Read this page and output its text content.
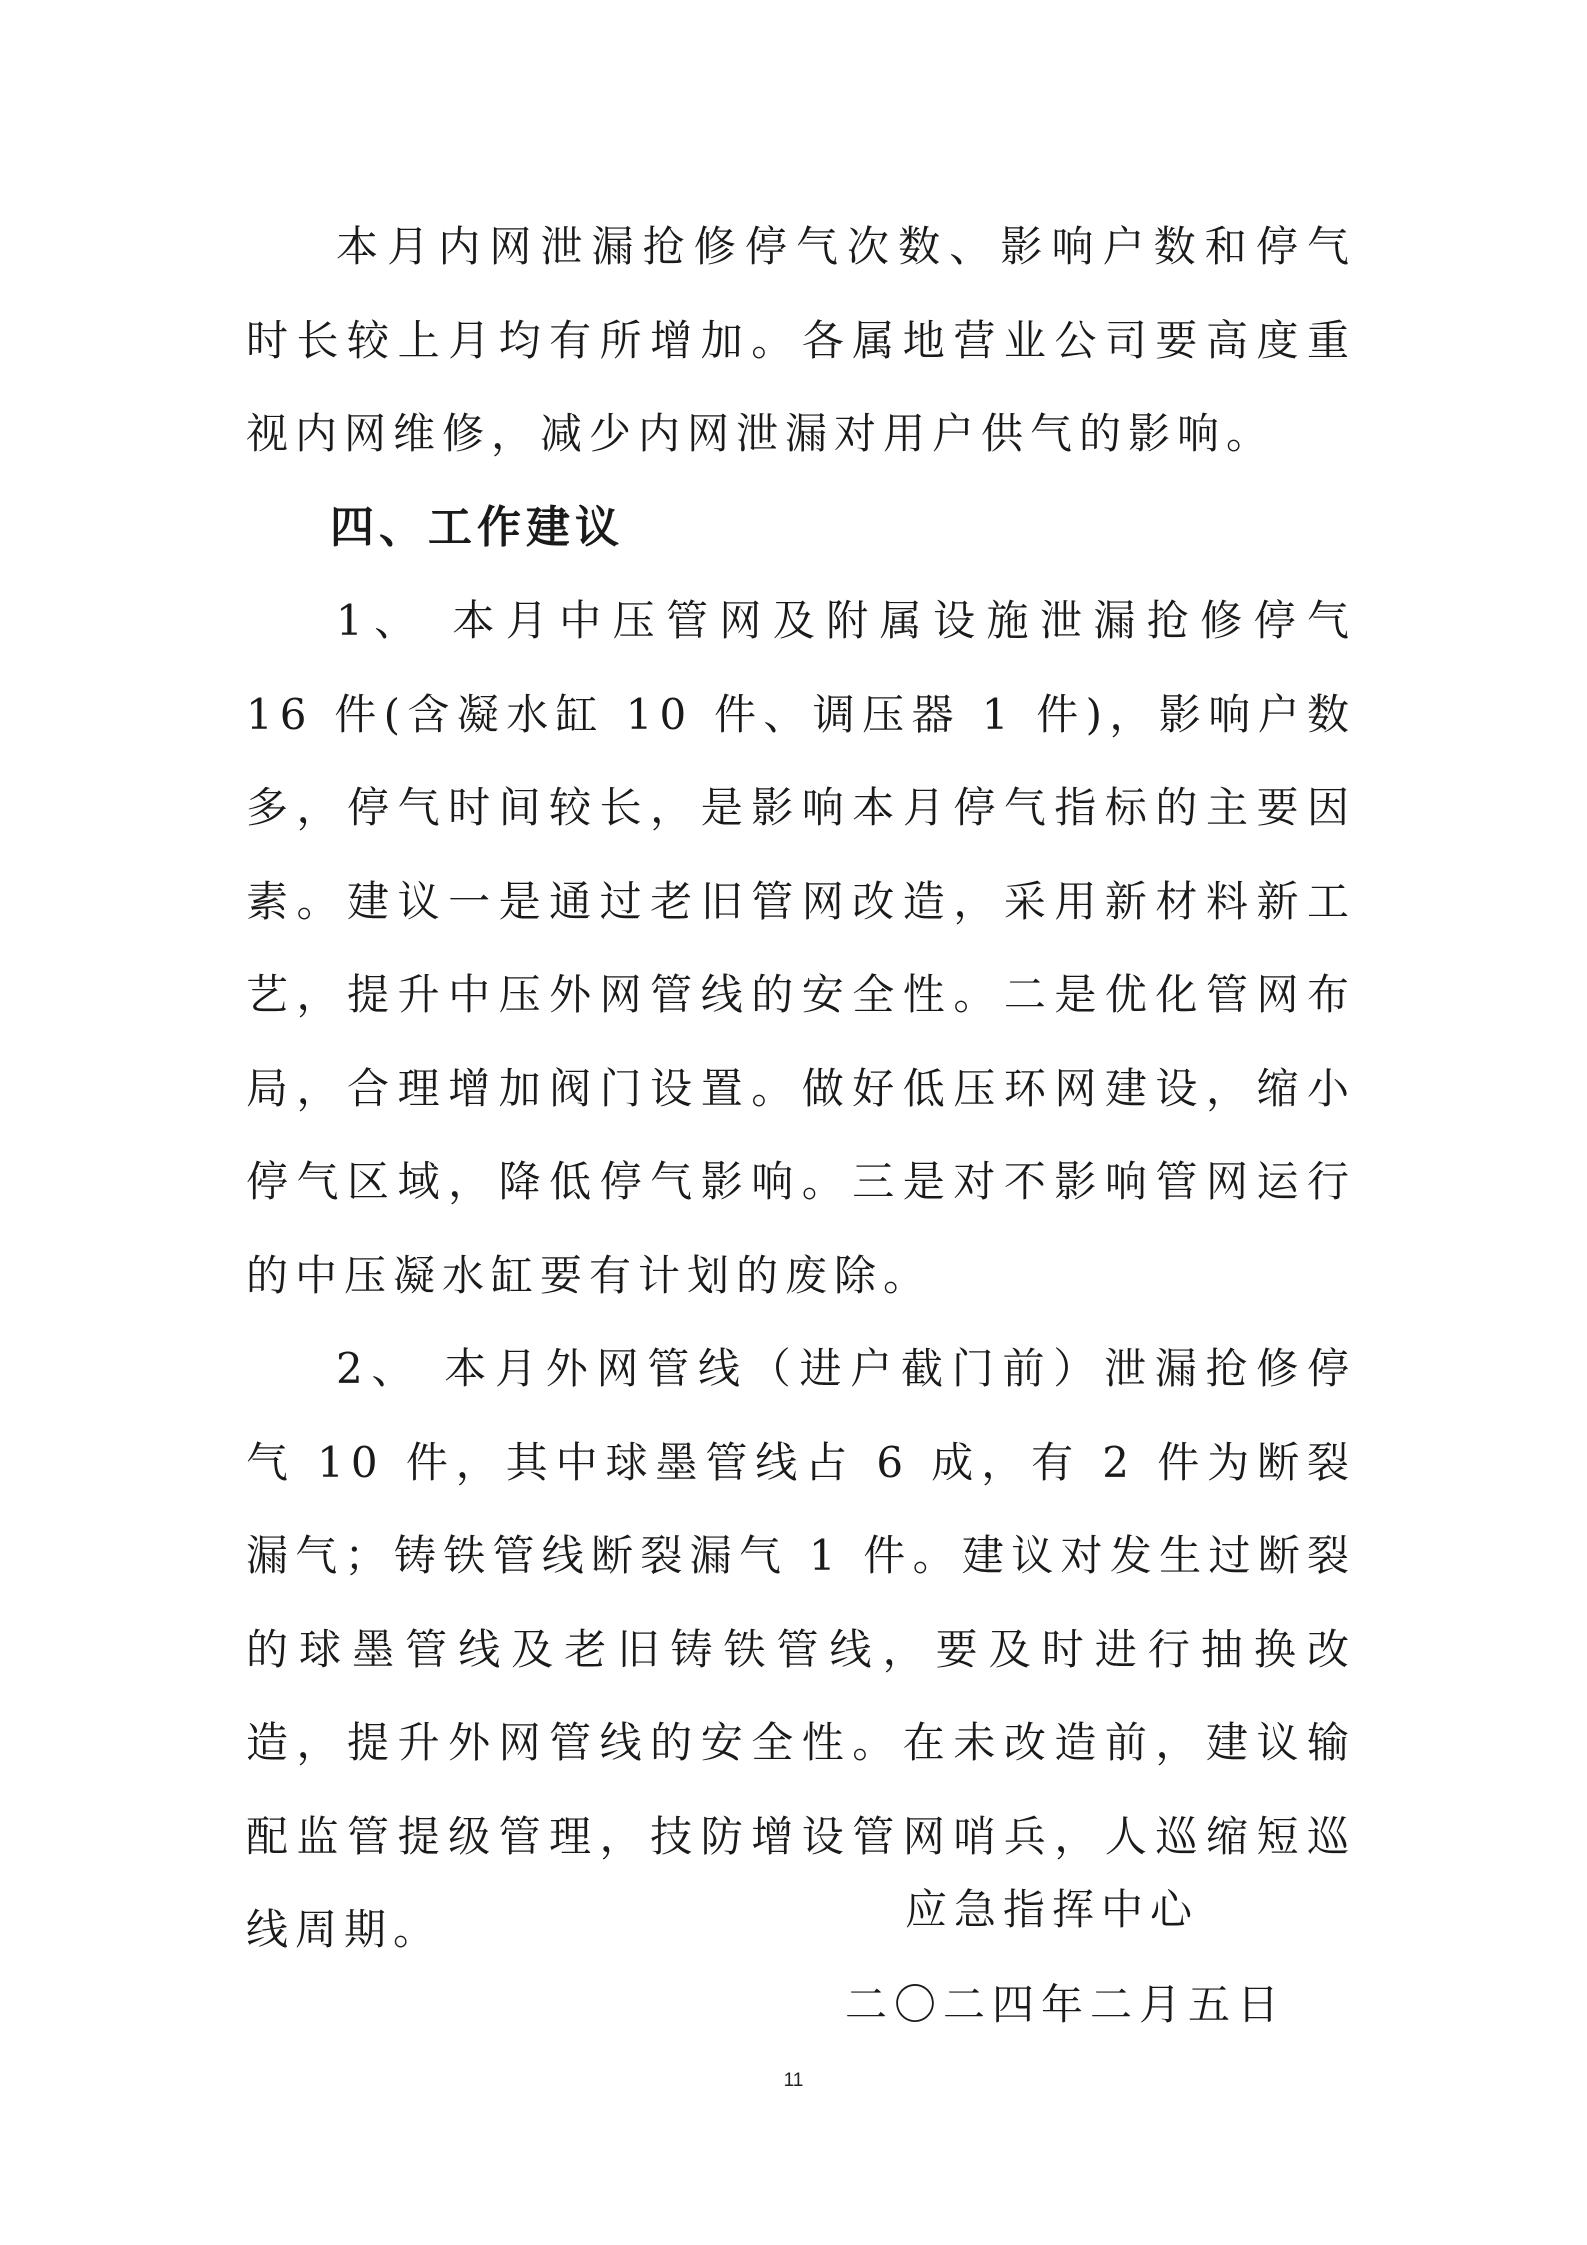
本月内网泄漏抢修停气次数、影响户数和停气时长较上月均有所增加。各属地营业公司要高度重视内网维修，减少内网泄漏对用户供气的影响。

四、工作建议

1、 本月中压管网及附属设施泄漏抢修停气 16 件(含凝水缸 10 件、调压器 1 件)，影响户数多，停气时间较长，是影响本月停气指标的主要因素。建议一是通过老旧管网改造，采用新材料新工艺，提升中压外网管线的安全性。二是优化管网布局，合理增加阀门设置。做好低压环网建设，缩小停气区域，降低停气影响。三是对不影响管网运行的中压凝水缸要有计划的废除。

2、 本月外网管线（进户截门前）泄漏抢修停气 10 件，其中球墨管线占 6 成，有 2 件为断裂漏气；铸铁管线断裂漏气 1 件。建议对发生过断裂的球墨管线及老旧铸铁管线，要及时进行抽换改造，提升外网管线的安全性。在未改造前，建议输配监管提级管理，技防增设管网哨兵，人巡缩短巡线周期。	应急指挥中心
二〇二四年二月五日
11
